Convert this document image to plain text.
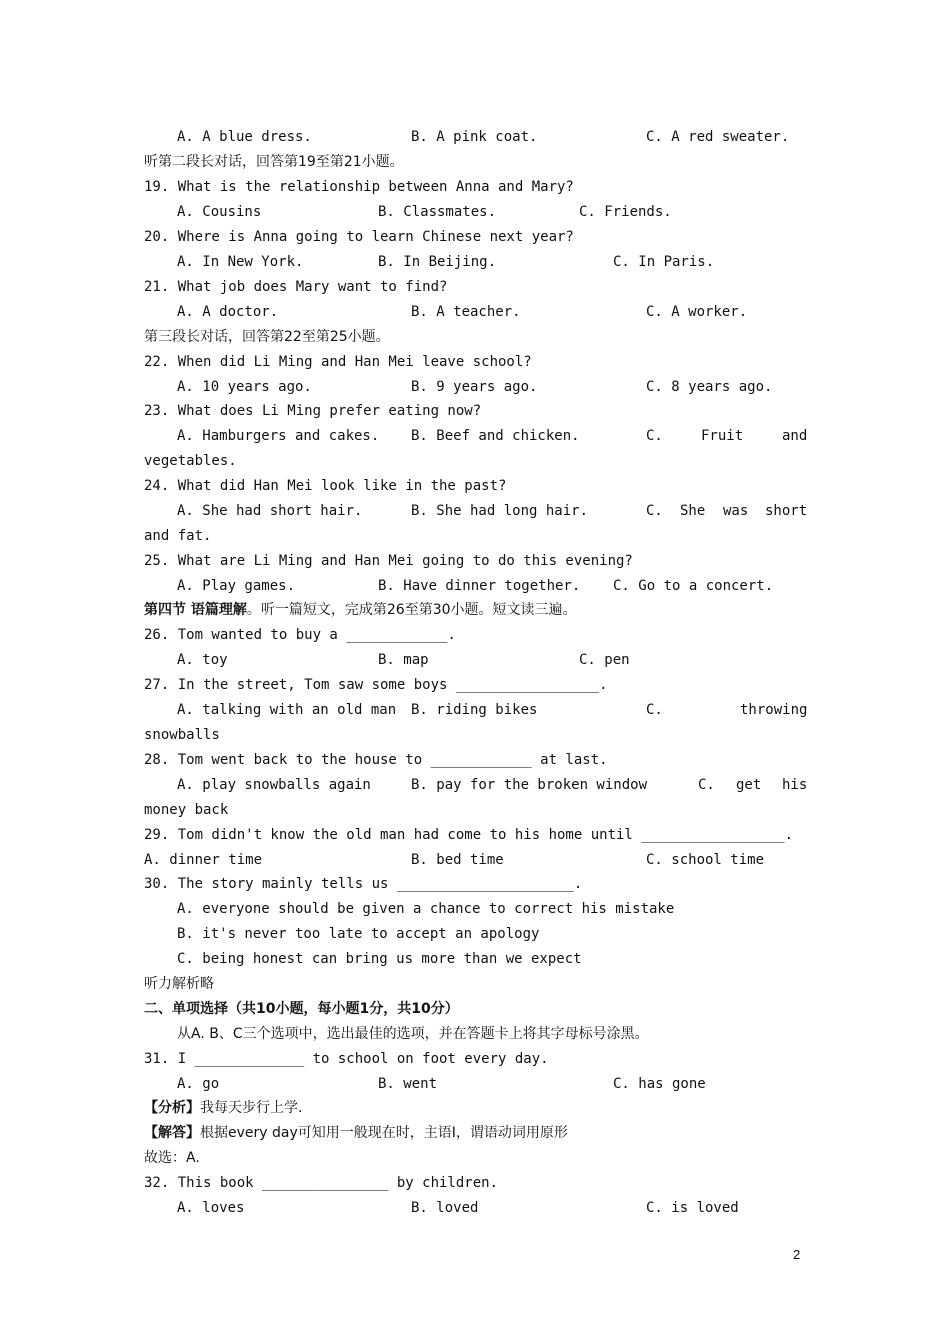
A. A blue dress.

	B. A pink coat.

	C. A red sweater.

听第二段长对话，回答第19至第21小题。
19. What is the relationship between Anna and Mary?

A. Cousins

	B. Classmates.

	C. Friends.

20. Where is Anna going to learn Chinese next year?

A. In New York.

	B. In Beijing.

	C. In Paris.

21. What job does Mary want to find?

A. A doctor.

	B. A teacher.

	C. A worker.

第三段长对话，回答第22至第25小题。
22. When did Li Ming and Han Mei leave school?

A. 10 years ago.

	B. 9 years ago.

	C. 8 years ago.

23. What does Li Ming prefer eating now?

A. Hamburgers and cakes.

B. Beef and chicken.

	C.

	Fruit

	and

vegetables.
24. What did Han Mei look like in the past?

A. She had short hair.

	B. She had long hair.

	C.

She

was

short

and fat.
25. What are Li Ming and Han Mei going to do this evening?

A. Play games.

	B. Have dinner together.

C. Go to a concert.

第四节 语篇理解。听一篇短文，完成第26至第30小题。短文读三遍。
26. Tom wanted to buy a ____________.

A. toy

	B. map

	C. pen

27. In the street, Tom saw some boys _________________.

A. talking with an old man

B. riding bikes

	C.

	throwing

snowballs
28. Tom went back to the house to ____________ at last.

A. play snowballs again

	B. pay for the broken window

	C.

get

his

money back
29. Tom didn't know the old man had come to his home until _________________.

A. dinner time

	B. bed time

	C. school time

30. The story mainly tells us _____________________.
A. everyone should be given a chance to correct his mistake
B. it's never too late to accept an apology
C. being honest can bring us more than we expect
听力解析略
二、单项选择（共10小题，每小题1分，共10分）
从A. B、C三个选项中，选出最佳的选项，并在答题卡上将其字母标号涂黑。
31. I _____________ to school on foot every day.

A. go

	B. went

	C. has gone

【分析】我每天步行上学.
【解答】根据every day可知用一般现在时，主语I，谓语动词用原形
故选：A.
32. This book _______________ by children.

A. loves

	B. loved

	C. is loved

2
